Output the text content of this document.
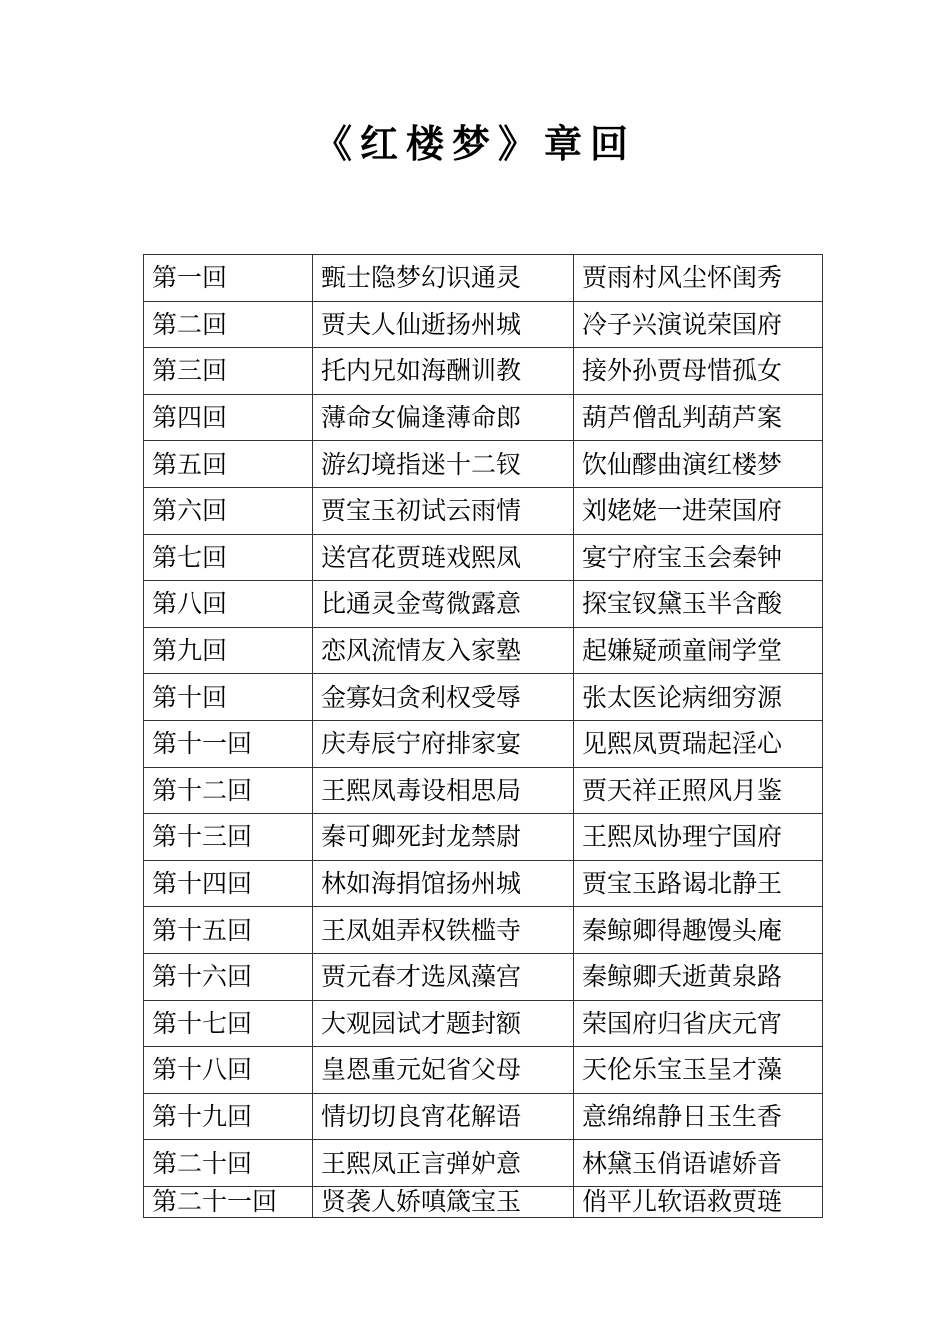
《红楼梦》章回
第一回	甄士隐梦幻识通灵	贾雨村风尘怀闺秀
第二回	贾夫人仙逝扬州城	冷子兴演说荣国府
第三回	托内兄如海酬训教	接外孙贾母惜孤女
第四回	薄命女偏逢薄命郎	葫芦僧乱判葫芦案
第五回	游幻境指迷十二钗	饮仙醪曲演红楼梦
第六回	贾宝玉初试云雨情	刘姥姥一进荣国府
第七回	送宫花贾琏戏熙凤	宴宁府宝玉会秦钟
第八回	比通灵金莺微露意	探宝钗黛玉半含酸
第九回	恋风流情友入家塾	起嫌疑顽童闹学堂
第十回	金寡妇贪利权受辱	张太医论病细穷源
第十一回	庆寿辰宁府排家宴	见熙凤贾瑞起淫心
第十二回	王熙凤毒设相思局	贾天祥正照风月鉴
第十三回	秦可卿死封龙禁尉	王熙凤协理宁国府
第十四回	林如海捐馆扬州城	贾宝玉路谒北静王
第十五回	王凤姐弄权铁槛寺	秦鲸卿得趣馒头庵
第十六回	贾元春才选凤藻宫	秦鲸卿夭逝黄泉路
第十七回	大观园试才题封额	荣国府归省庆元宵
第十八回	皇恩重元妃省父母	天伦乐宝玉呈才藻
第十九回	情切切良宵花解语	意绵绵静日玉生香
第二十回	王熙凤正言弹妒意	林黛玉俏语谑娇音
第二十一回	贤袭人娇嗔箴宝玉	俏平儿软语救贾琏
